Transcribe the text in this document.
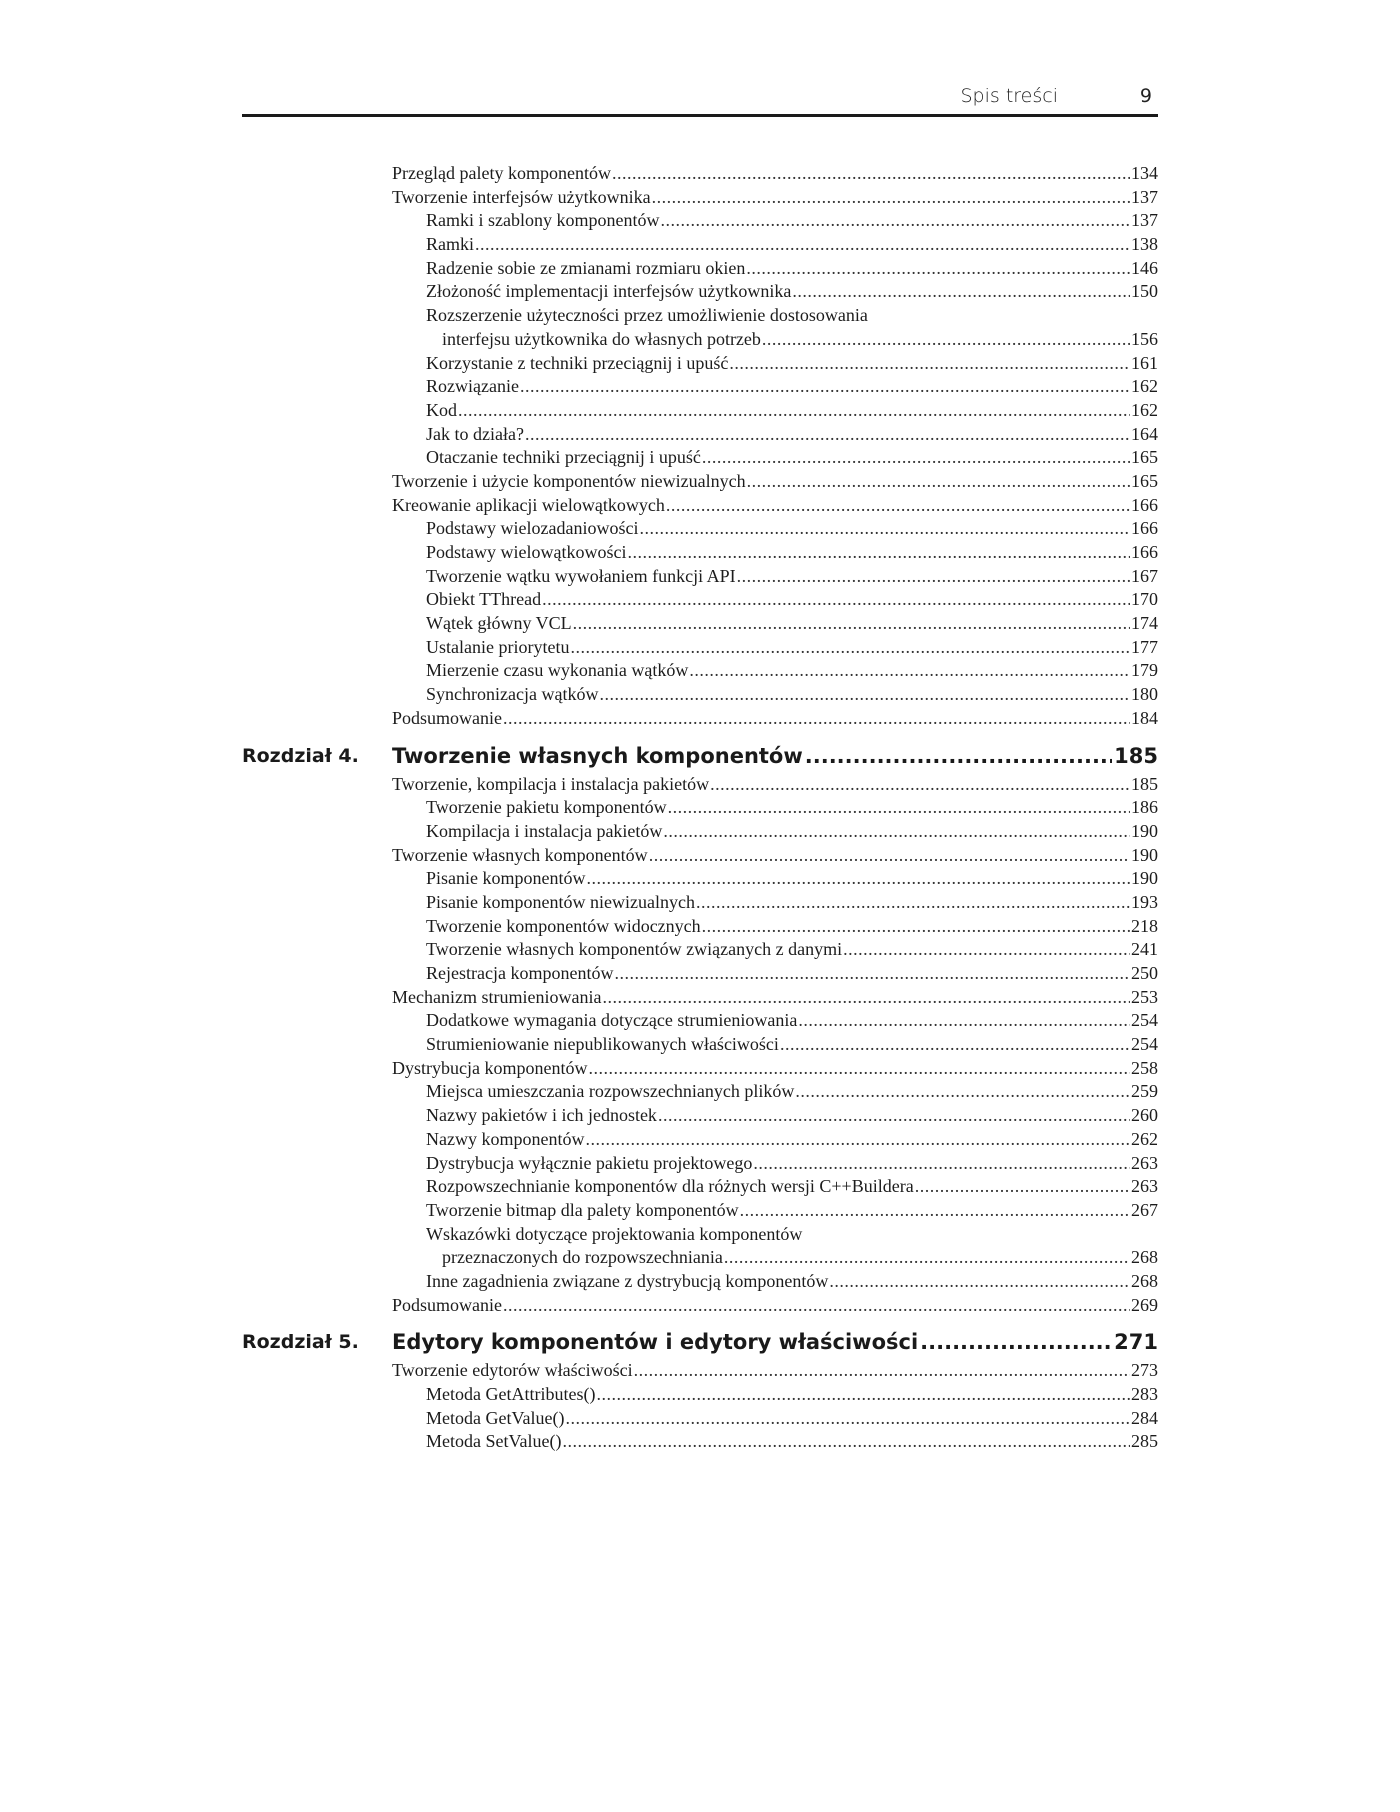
Spis treści	9
Przegląd palety komponentów .....	134
Tworzenie interfejsów użytkownika .....	137
Ramki i szablony komponentów .....	137
Ramki .....	138
Radzenie sobie ze zmianami rozmiaru okien .....	146
Złożoność implementacji interfejsów użytkownika .....	150
Rozszerzenie użyteczności przez umożliwienie dostosowania
interfejsu użytkownika do własnych potrzeb .....	156
Korzystanie z techniki przeciągnij i upuść .....	161
Rozwiązanie .....	162
Kod .....	162
Jak to działa? .....	164
Otaczanie techniki przeciągnij i upuść .....	165
Tworzenie i użycie komponentów niewizualnych .....	165
Kreowanie aplikacji wielowątkowych .....	166
Podstawy wielozadaniowości .....	166
Podstawy wielowątkowości .....	166
Tworzenie wątku wywołaniem funkcji API .....	167
Obiekt TThread .....	170
Wątek główny VCL .....	174
Ustalanie priorytetu .....	177
Mierzenie czasu wykonania wątków .....	179
Synchronizacja wątków .....	180
Podsumowanie .....	184
Rozdział 4. Tworzenie własnych komponentów .....	185
Tworzenie, kompilacja i instalacja pakietów .....	185
Tworzenie pakietu komponentów .....	186
Kompilacja i instalacja pakietów .....	190
Tworzenie własnych komponentów .....	190
Pisanie komponentów .....	190
Pisanie komponentów niewizualnych .....	193
Tworzenie komponentów widocznych .....	218
Tworzenie własnych komponentów związanych z danymi .....	241
Rejestracja komponentów .....	250
Mechanizm strumieniowania .....	253
Dodatkowe wymagania dotyczące strumieniowania .....	254
Strumieniowanie niepublikowanych właściwości .....	254
Dystrybucja komponentów .....	258
Miejsca umieszczania rozpowszechnianych plików .....	259
Nazwy pakietów i ich jednostek .....	260
Nazwy komponentów .....	262
Dystrybucja wyłącznie pakietu projektowego .....	263
Rozpowszechnianie komponentów dla różnych wersji C++Buildera .....	263
Tworzenie bitmap dla palety komponentów .....	267
Wskazówki dotyczące projektowania komponentów
przeznaczonych do rozpowszechniania .....	268
Inne zagadnienia związane z dystrybucją komponentów .....	268
Podsumowanie .....	269
Rozdział 5. Edytory komponentów i edytory właściwości .....	271
Tworzenie edytorów właściwości .....	273
Metoda GetAttributes() .....	283
Metoda GetValue() .....	284
Metoda SetValue() .....	285
